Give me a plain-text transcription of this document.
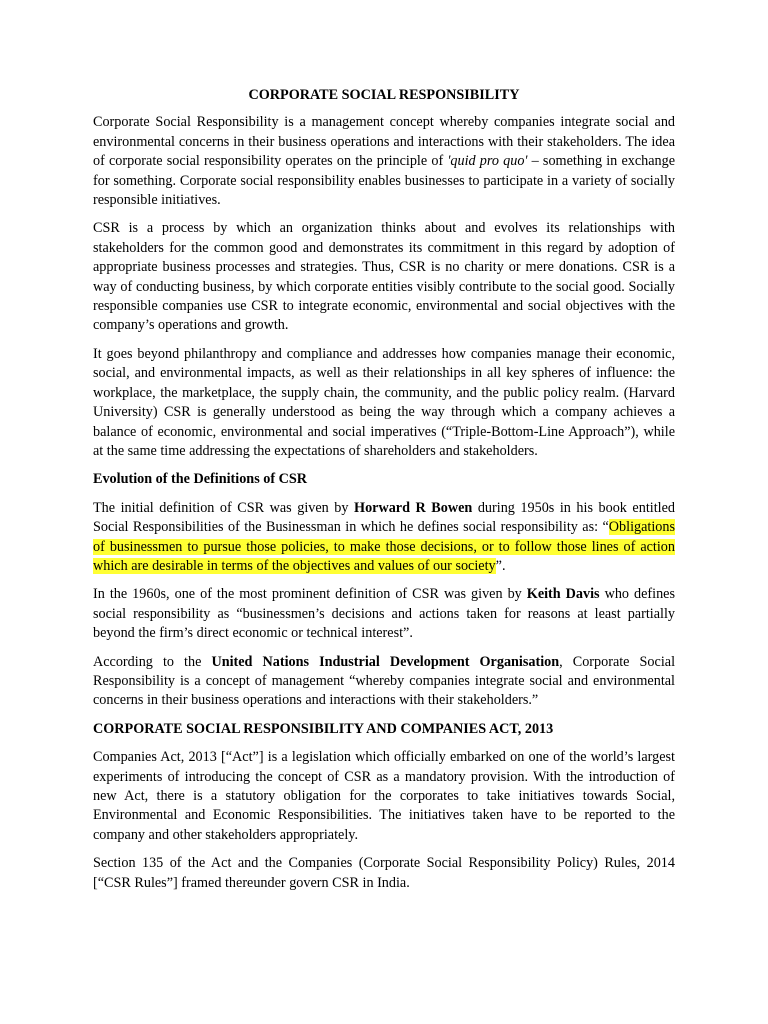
CORPORATE SOCIAL RESPONSIBILITY

Corporate Social Responsibility is a management concept whereby companies integrate social and environmental concerns in their business operations and interactions with their stakeholders. The idea of corporate social responsibility operates on the principle of 'quid pro quo' – something in exchange for something. Corporate social responsibility enables businesses to participate in a variety of socially responsible initiatives.

CSR is a process by which an organization thinks about and evolves its relationships with stakeholders for the common good and demonstrates its commitment in this regard by adoption of appropriate business processes and strategies. Thus, CSR is no charity or mere donations. CSR is a way of conducting business, by which corporate entities visibly contribute to the social good. Socially responsible companies use CSR to integrate economic, environmental and social objectives with the company’s operations and growth.

It goes beyond philanthropy and compliance and addresses how companies manage their economic, social, and environmental impacts, as well as their relationships in all key spheres of influence: the workplace, the marketplace, the supply chain, the community, and the public policy realm. (Harvard University) CSR is generally understood as being the way through which a company achieves a balance of economic, environmental and social imperatives (“Triple-Bottom-Line Approach”), while at the same time addressing the expectations of shareholders and stakeholders.

Evolution of the Definitions of CSR

The initial definition of CSR was given by Horward R Bowen during 1950s in his book entitled Social Responsibilities of the Businessman in which he defines social responsibility as: “Obligations of businessmen to pursue those policies, to make those decisions, or to follow those lines of action which are desirable in terms of the objectives and values of our society”.

In the 1960s, one of the most prominent definition of CSR was given by Keith Davis who defines social responsibility as “businessmen’s decisions and actions taken for reasons at least partially beyond the firm’s direct economic or technical interest”.

According to the United Nations Industrial Development Organisation, Corporate Social Responsibility is a concept of management “whereby companies integrate social and environmental concerns in their business operations and interactions with their stakeholders.”

CORPORATE SOCIAL RESPONSIBILITY AND COMPANIES ACT, 2013

Companies Act, 2013 [“Act”] is a legislation which officially embarked on one of the world’s largest experiments of introducing the concept of CSR as a mandatory provision. With the introduction of new Act, there is a statutory obligation for the corporates to take initiatives towards Social, Environmental and Economic Responsibilities. The initiatives taken have to be reported to the company and other stakeholders appropriately.

Section 135 of the Act and the Companies (Corporate Social Responsibility Policy) Rules, 2014 [“CSR Rules”] framed thereunder govern CSR in India.
